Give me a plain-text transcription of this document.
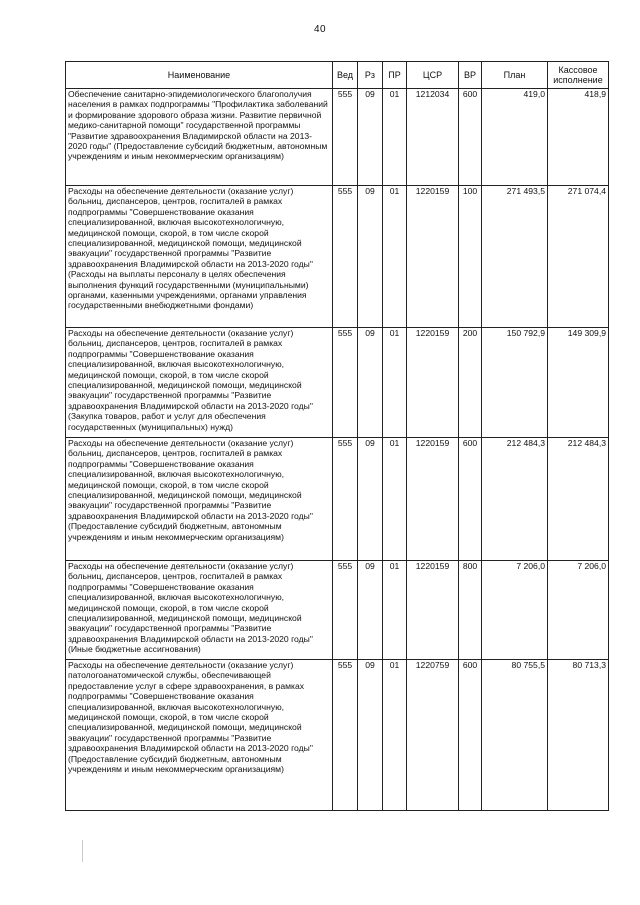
40
Наименование	Вед	Рз	ПР	ЦСР	ВР	План	Кассовое исполнение
Обеспечение санитарно-эпидемиологического благополучия населения в рамках подпрограммы "Профилактика заболеваний и формирование здорового образа жизни. Развитие первичной медико-санитарной помощи" государственной программы "Развитие здравоохранения Владимирской области на 2013-2020 годы" (Предоставление субсидий бюджетным, автономным учреждениям и иным некоммерческим организациям)	555	09	01	1212034	600	419,0	418,9
Расходы на обеспечение деятельности (оказание услуг) больниц, диспансеров, центров, госпиталей в рамках подпрограммы "Совершенствование оказания специализированной, включая высокотехнологичную, медицинской помощи, скорой, в том числе скорой специализированной, медицинской помощи, медицинской эвакуации" государственной программы "Развитие здравоохранения Владимирской области на 2013-2020 годы" (Расходы на выплаты персоналу в целях обеспечения выполнения функций государственными (муниципальными) органами, казенными учреждениями, органами управления государственными внебюджетными фондами)	555	09	01	1220159	100	271 493,5	271 074,4
Расходы на обеспечение деятельности (оказание услуг) больниц, диспансеров, центров, госпиталей в рамках подпрограммы "Совершенствование оказания специализированной, включая высокотехнологичную, медицинской помощи, скорой, в том числе скорой специализированной, медицинской помощи, медицинской эвакуации" государственной программы "Развитие здравоохранения Владимирской области на 2013-2020 годы" (Закупка товаров, работ и услуг для обеспечения государственных (муниципальных) нужд)	555	09	01	1220159	200	150 792,9	149 309,9
Расходы на обеспечение деятельности (оказание услуг) больниц, диспансеров, центров, госпиталей в рамках подпрограммы "Совершенствование оказания специализированной, включая высокотехнологичную, медицинской помощи, скорой, в том числе скорой специализированной, медицинской помощи, медицинской эвакуации" государственной программы "Развитие здравоохранения Владимирской области на 2013-2020 годы" (Предоставление субсидий бюджетным, автономным учреждениям и иным некоммерческим организациям)	555	09	01	1220159	600	212 484,3	212 484,3
Расходы на обеспечение деятельности (оказание услуг) больниц, диспансеров, центров, госпиталей в рамках подпрограммы "Совершенствование оказания специализированной, включая высокотехнологичную, медицинской помощи, скорой, в том числе скорой специализированной, медицинской помощи, медицинской эвакуации" государственной программы "Развитие здравоохранения Владимирской области на 2013-2020 годы" (Иные бюджетные ассигнования)	555	09	01	1220159	800	7 206,0	7 206,0
Расходы на обеспечение деятельности (оказание услуг) патологоанатомической службы, обеспечивающей предоставление услуг в сфере здравоохранения, в рамках подпрограммы "Совершенствование оказания специализированной, включая высокотехнологичную, медицинской помощи, скорой, в том числе скорой специализированной, медицинской помощи, медицинской эвакуации" государственной программы "Развитие здравоохранения Владимирской области на 2013-2020 годы" (Предоставление субсидий бюджетным, автономным учреждениям и иным некоммерческим организациям)	555	09	01	1220759	600	80 755,5	80 713,3
